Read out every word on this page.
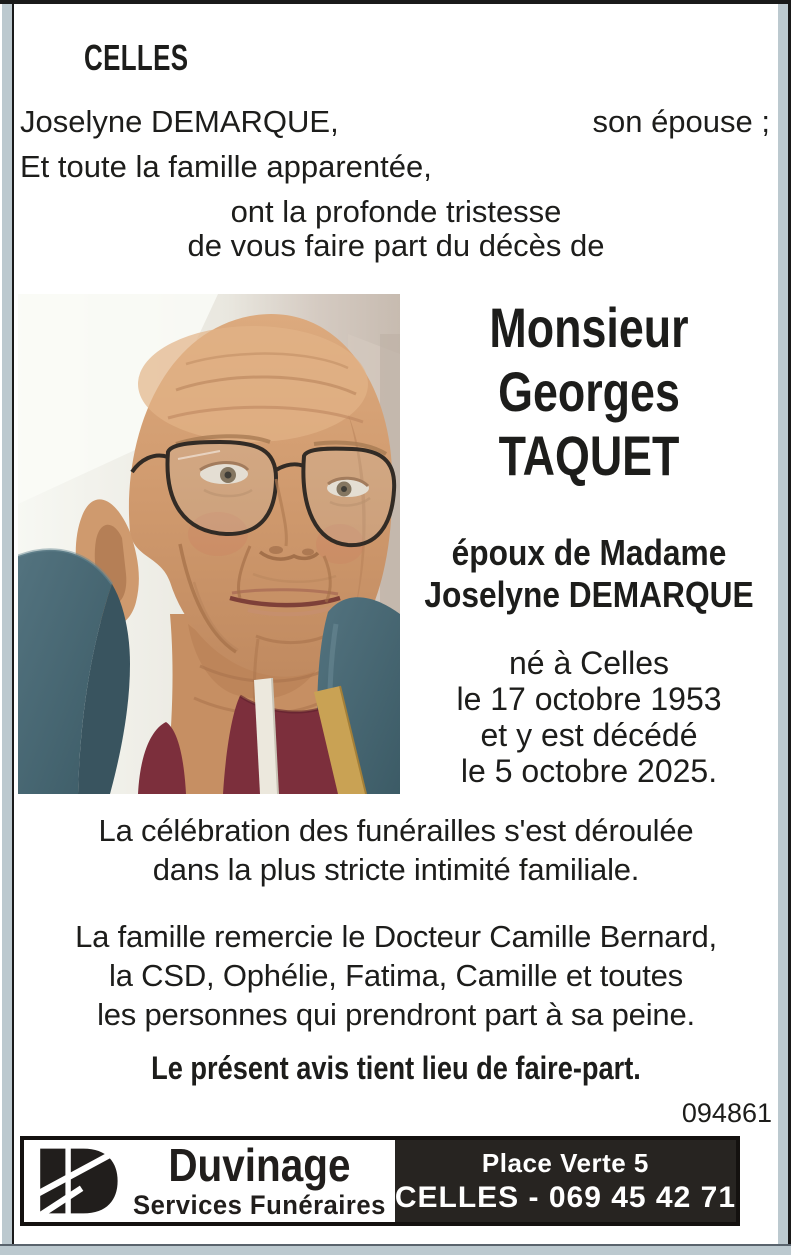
CELLES
Joselyne DEMARQUE,	son épouse ;
Et toute la famille apparentée,
ont la profonde tristesse
de vous faire part du décès de
Monsieur
Georges
TAQUET
époux de Madame
Joselyne DEMARQUE
né à Celles
le 17 octobre 1953
et y est décédé
le 5 octobre 2025.
La célébration des funérailles s'est déroulée
dans la plus stricte intimité familiale.
La famille remercie le Docteur Camille Bernard,
la CSD, Ophélie, Fatima, Camille et toutes
les personnes qui prendront part à sa peine.
Le présent avis tient lieu de faire-part.
094861
Duvinage
Services Funéraires
Place Verte 5
CELLES - 069 45 42 71
